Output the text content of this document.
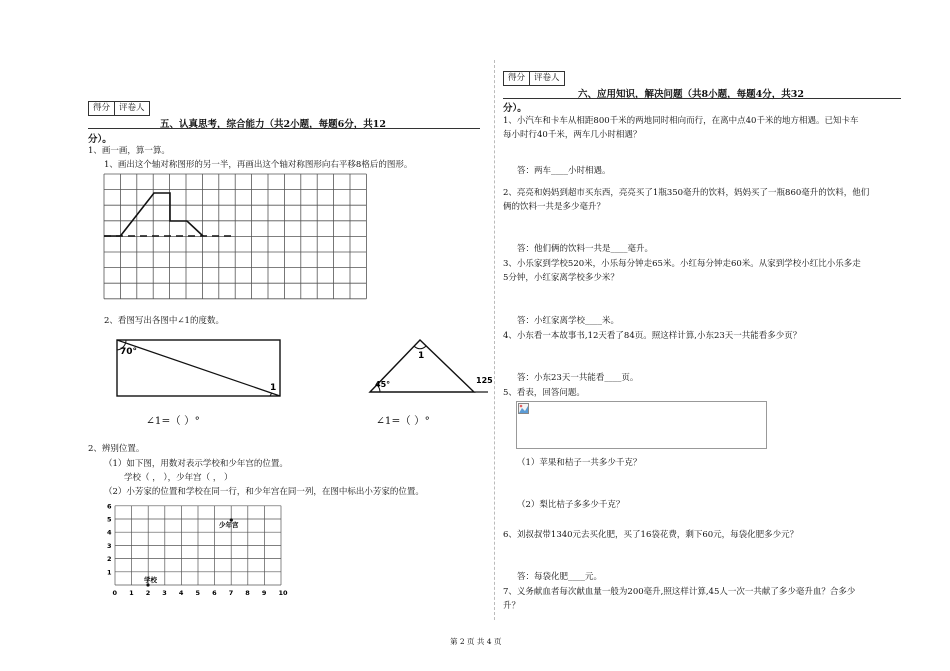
得分	评卷人
五、认真思考，综合能力（共2小题，每题6分，共12
分）。
1、画一画，算一算。
1、画出这个轴对称图形的另一半，再画出这个轴对称图形向右平移8格后的图形。
2、看图写出各图中∠1的度数。
70°
1
1
45°	125
∠1=（ ）°	∠1=（ ）°
2、辨别位置。
（1）如下图，用数对表示学校和少年宫的位置。
学校（ ， ），少年宫（ ， ）
（2）小芳家的位置和学校在同一行，和少年宫在同一列，在图中标出小芳家的位置。
0 1 2 3 4 5 6 7 8 9 10
1
2
3
4
5
6
学校
少年宫
得分	评卷人
六、应用知识，解决问题（共8小题，每题4分，共32
分）。
1、小汽车和卡车从相距800千米的两地同时相向而行，在离中点40千米的地方相遇。已知卡车
每小时行40千米，两车几小时相遇？
答：两车____小时相遇。
2、亮亮和妈妈到超市买东西，亮亮买了1瓶350毫升的饮料，妈妈买了一瓶860毫升的饮料，他们
俩的饮料一共是多少毫升？
答：他们俩的饮料一共是____毫升。
3、小乐家到学校520米，小乐每分钟走65米。小红每分钟走60米。从家到学校小红比小乐多走
5分钟，小红家离学校多少米？
答：小红家离学校____米。
4、小东看一本故事书,12天看了84页。照这样计算,小东23天一共能看多少页？
答：小东23天一共能看____页。
5、看表，回答问题。
（1）苹果和桔子一共多少千克？
（2）梨比桔子多多少千克？
6、刘叔叔带1340元去买化肥，买了16袋花费，剩下60元，每袋化肥多少元？
答：每袋化肥____元。
7、义务献血者每次献血量一般为200毫升,照这样计算,45人一次一共献了多少毫升血？合多少
升？
第 2 页 共 4 页
